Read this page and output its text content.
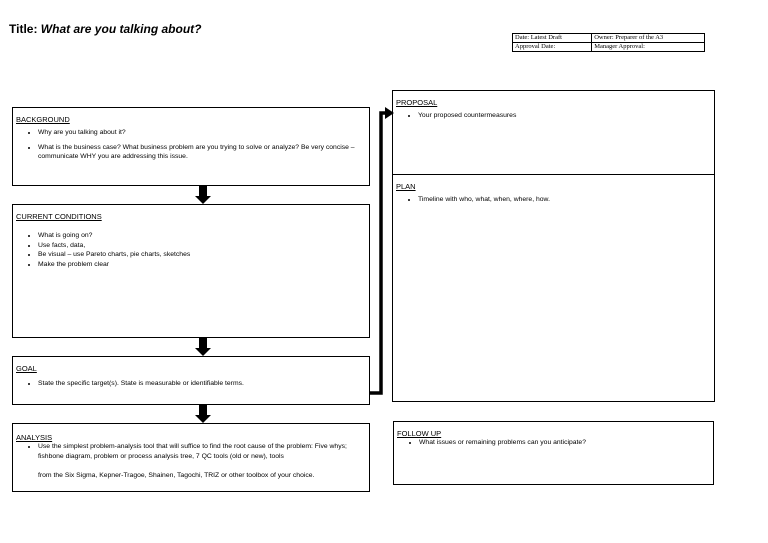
Title: What are you talking about?
Date: Latest Draft	Owner: Preparer of the A3
Approval Date:	Manager Approval:
BACKGROUND
• Why are you talking about it?
• What is the business case? What business problem are you trying to solve or analyze? Be very concise – communicate WHY you are addressing this issue.
CURRENT CONDITIONS
• What is going on?
• Use facts, data,
• Be visual – use Pareto charts, pie charts, sketches
• Make the problem clear
GOAL
• State the specific target(s). State is measurable or identifiable terms.
ANALYSIS
• Use the simplest problem-analysis tool that will suffice to find the root cause of the problem: Five whys; fishbone diagram, problem or process analysis tree, 7 QC tools (old or new), tools
from the Six Sigma, Kepner-Tragoe, Shainen, Tagochi, TRIZ or other toolbox of your choice.
PROPOSAL
• Your proposed countermeasures
PLAN
• Timeline with who, what, when, where, how.
FOLLOW UP
• What issues or remaining problems can you anticipate?
